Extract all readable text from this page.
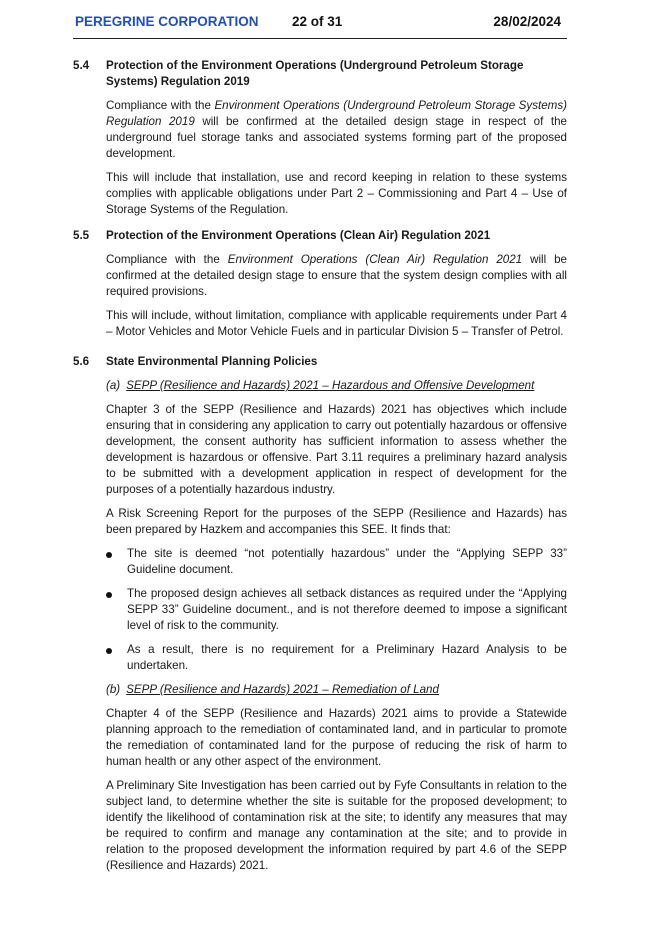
PEREGRINE CORPORATION 22 of 31	28/02/2024
5.4 Protection of the Environment Operations (Underground Petroleum Storage Systems) Regulation 2019
Compliance with the Environment Operations (Underground Petroleum Storage Systems) Regulation 2019 will be confirmed at the detailed design stage in respect of the underground fuel storage tanks and associated systems forming part of the proposed development.
This will include that installation, use and record keeping in relation to these systems complies with applicable obligations under Part 2 – Commissioning and Part 4 – Use of Storage Systems of the Regulation.
5.5 Protection of the Environment Operations (Clean Air) Regulation 2021
Compliance with the Environment Operations (Clean Air) Regulation 2021 will be confirmed at the detailed design stage to ensure that the system design complies with all required provisions.
This will include, without limitation, compliance with applicable requirements under Part 4 – Motor Vehicles and Motor Vehicle Fuels and in particular Division 5 – Transfer of Petrol.
5.6 State Environmental Planning Policies
(a) SEPP (Resilience and Hazards) 2021 – Hazardous and Offensive Development
Chapter 3 of the SEPP (Resilience and Hazards) 2021 has objectives which include ensuring that in considering any application to carry out potentially hazardous or offensive development, the consent authority has sufficient information to assess whether the development is hazardous or offensive. Part 3.11 requires a preliminary hazard analysis to be submitted with a development application in respect of development for the purposes of a potentially hazardous industry.
A Risk Screening Report for the purposes of the SEPP (Resilience and Hazards) has been prepared by Hazkem and accompanies this SEE. It finds that:
The site is deemed “not potentially hazardous” under the “Applying SEPP 33” Guideline document.
The proposed design achieves all setback distances as required under the “Applying SEPP 33” Guideline document., and is not therefore deemed to impose a significant level of risk to the community.
As a result, there is no requirement for a Preliminary Hazard Analysis to be undertaken.
(b) SEPP (Resilience and Hazards) 2021 – Remediation of Land
Chapter 4 of the SEPP (Resilience and Hazards) 2021 aims to provide a Statewide planning approach to the remediation of contaminated land, and in particular to promote the remediation of contaminated land for the purpose of reducing the risk of harm to human health or any other aspect of the environment.
A Preliminary Site Investigation has been carried out by Fyfe Consultants in relation to the subject land, to determine whether the site is suitable for the proposed development; to identify the likelihood of contamination risk at the site; to identify any measures that may be required to confirm and manage any contamination at the site; and to provide in relation to the proposed development the information required by part 4.6 of the SEPP (Resilience and Hazards) 2021.
